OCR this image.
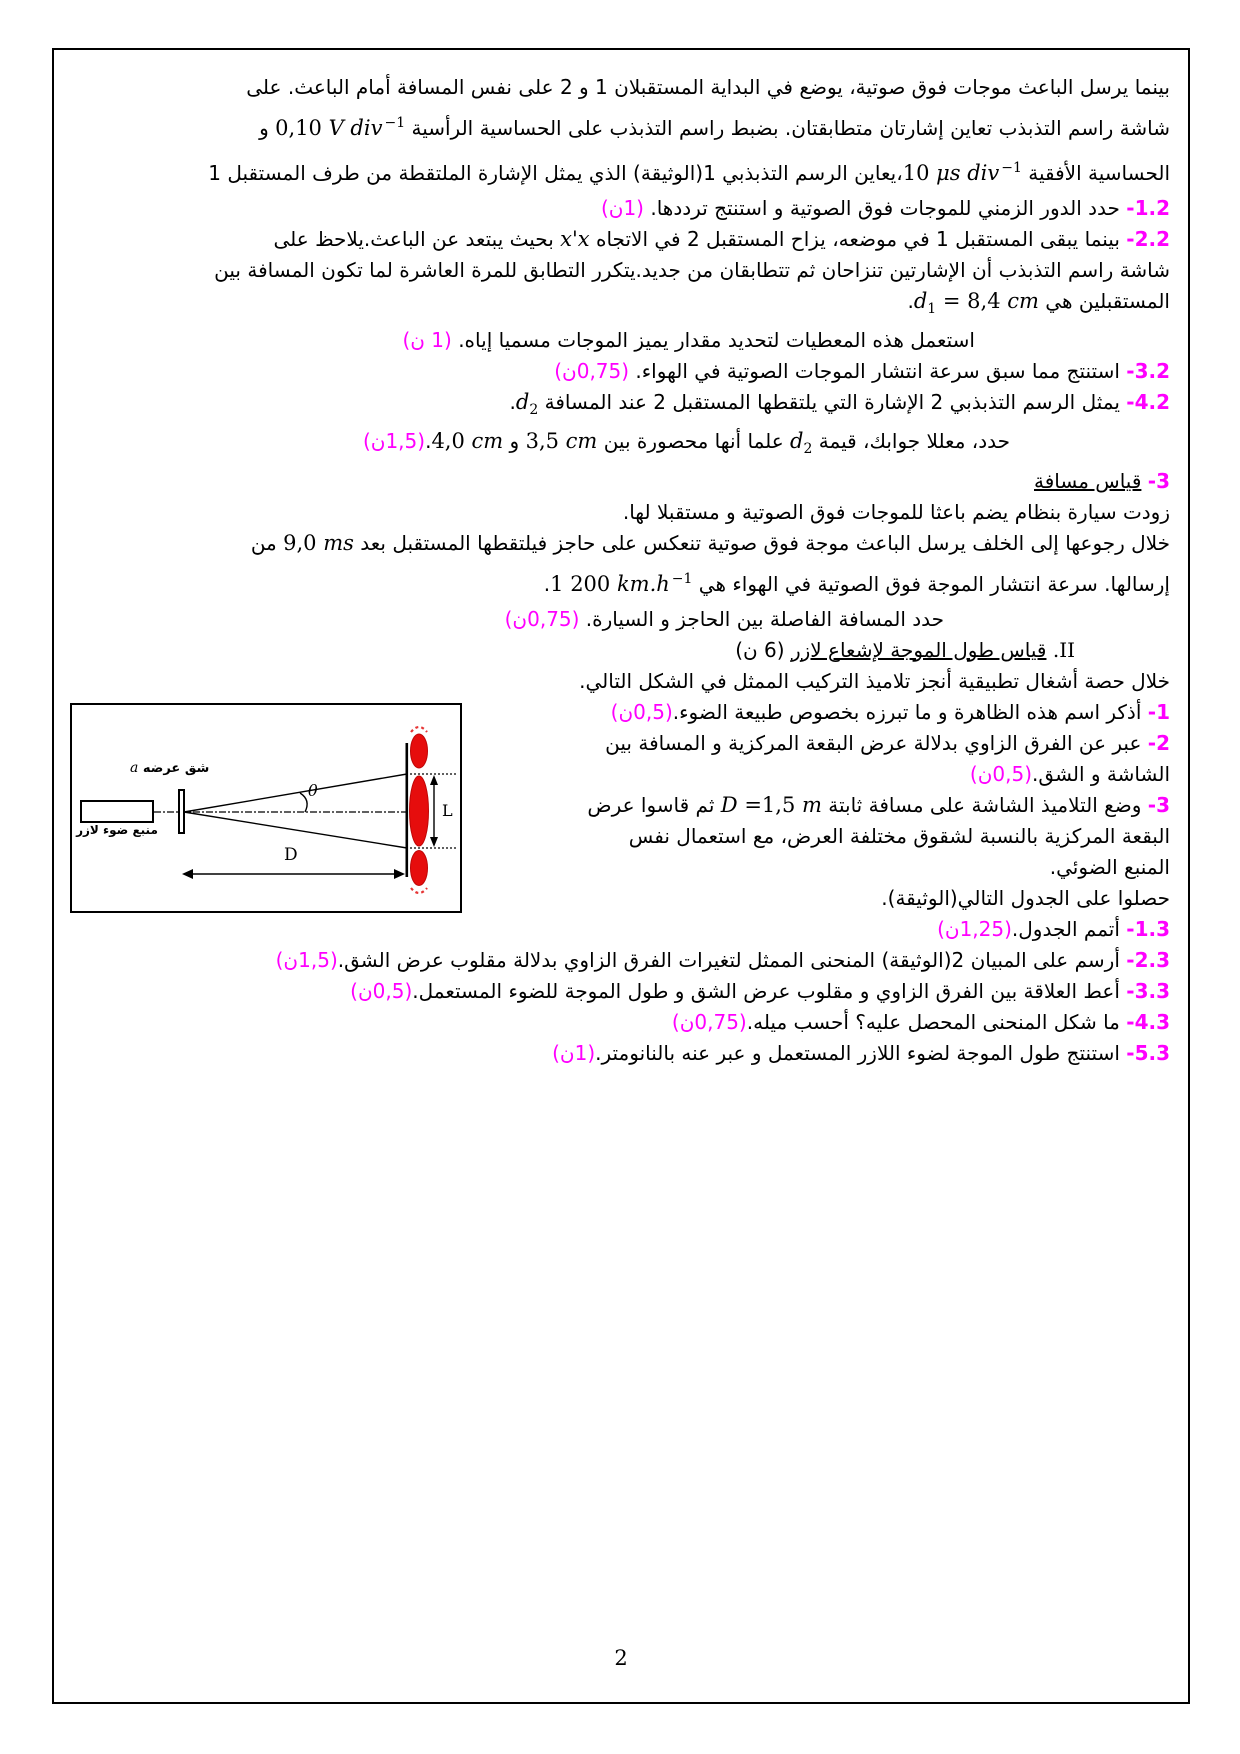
بينما يرسل الباعث موجات فوق صوتية، يوضع في البداية المستقبلان 1 و 2 على نفس المسافة أمام الباعث. على
شاشة راسم التذبذب تعاين إشارتان متطابقتان. بضبط راسم التذبذب على الحساسية الرأسية 0,10 V div $^{-1}$ و
الحساسية الأفقية 10 μs div $^{-1}$،يعاين الرسم التذبذبي 1(الوثيقة) الذي يمثل الإشارة الملتقطة من طرف المستقبل 1
1.2- حدد الدور الزمني للموجات فوق الصوتية و استنتج ترددها. (1ن)
2.2- بينما يبقى المستقبل 1 في موضعه، يزاح المستقبل 2 في الاتجاه x'x بحيث يبتعد عن الباعث.يلاحظ على
شاشة راسم التذبذب أن الإشارتين تنزاحان ثم تتطابقان من جديد.يتكرر التطابق للمرة العاشرة لما تكون المسافة بين
المستقبلين هي $d_1 = 8,4$ cm.
استعمل هذه المعطيات لتحديد مقدار يميز الموجات مسميا إياه. (1 ن)
3.2- استنتج مما سبق سرعة انتشار الموجات الصوتية في الهواء. (0,75ن)
4.2- يمثل الرسم التذبذبي 2 الإشارة التي يلتقطها المستقبل 2 عند المسافة $d_2$.
حدد، معللا جوابك، قيمة $d_2$ علما أنها محصورة بين 3,5 cm و 4,0 cm.(1,5ن)
3- قياس مسافة
زودت سيارة بنظام يضم باعثا للموجات فوق الصوتية و مستقبلا لها.
خلال رجوعها إلى الخلف يرسل الباعث موجة فوق صوتية تنعكس على حاجز فيلتقطها المستقبل بعد 9,0 ms من
إرسالها. سرعة انتشار الموجة فوق الصوتية في الهواء هي 1 200 km.h $^{-1}$.
حدد المسافة الفاصلة بين الحاجز و السيارة. (0,75ن)
II. قياس طول الموجة لإشعاع لازر (6 ن)
خلال حصة أشغال تطبيقية أنجز تلاميذ التركيب الممثل في الشكل التالي.
شق عرضه a
منبع ضوء لازر
θ
L
D
1- أذكر اسم هذه الظاهرة و ما تبرزه بخصوص طبيعة الضوء.(0,5ن)
2- عبر عن الفرق الزاوي بدلالة عرض البقعة المركزية و المسافة بين
الشاشة و الشق.(0,5ن)
3- وضع التلاميذ الشاشة على مسافة ثابتة D =1,5 m ثم قاسوا عرض
البقعة المركزية بالنسبة لشقوق مختلفة العرض، مع استعمال نفس
المنبع الضوئي.
حصلوا على الجدول التالي(الوثيقة).
1.3- أتمم الجدول.(1,25ن)
2.3- أرسم على المبيان 2(الوثيقة) المنحنى الممثل لتغيرات الفرق الزاوي بدلالة مقلوب عرض الشق.(1,5ن)
3.3- أعط العلاقة بين الفرق الزاوي و مقلوب عرض الشق و طول الموجة للضوء المستعمل.(0,5ن)
4.3- ما شكل المنحنى المحصل عليه؟ أحسب ميله.(0,75ن)
5.3- استنتج طول الموجة لضوء اللازر المستعمل و عبر عنه بالنانومتر.(1ن)
2
